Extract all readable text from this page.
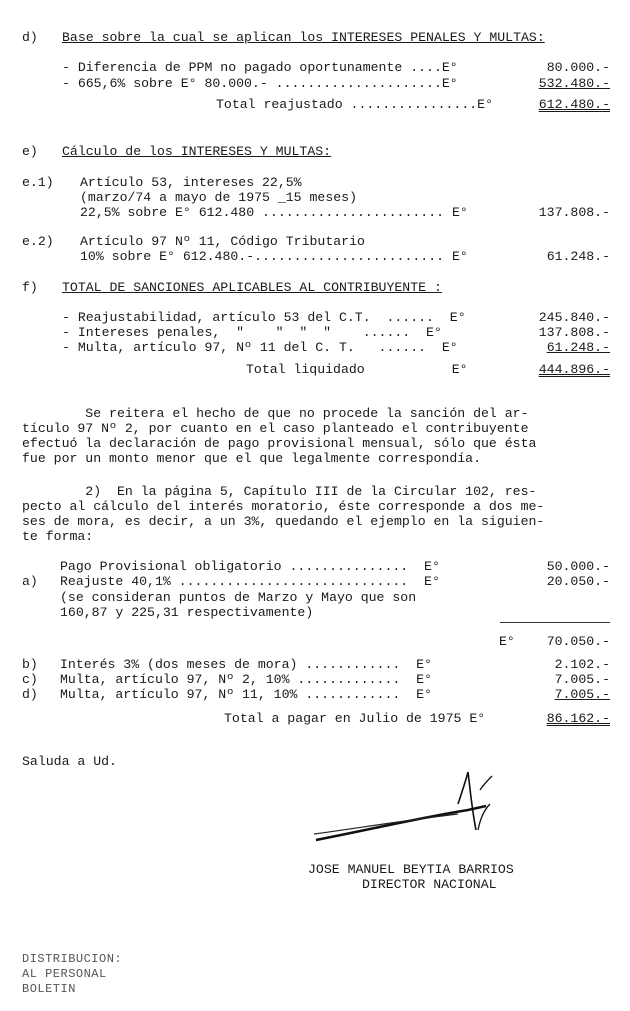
d) Base sobre la cual se aplican los INTERESES PENALES Y MULTAS:
- Diferencia de PPM no pagado oportunamente ....E°	80.000.-
- 665,6% sobre E° 80.000.- .....................E°	532.480.-
Total reajustado ................E°	612.480.-
e) Cálculo de los INTERESES Y MULTAS:
e.1) Artículo 53, intereses 22,5%
(marzo/74 a mayo de 1975 _15 meses)
22,5% sobre E° 612.480 ....................... E°	137.808.-
e.2) Artículo 97 Nº 11, Código Tributario
10% sobre E° 612.480.-........................ E°	61.248.-
f) TOTAL DE SANCIONES APLICABLES AL CONTRIBUYENTE :
- Reajustabilidad, artículo 53 del C.T.  ......  E°	245.840.-
- Intereses penales,  "    "  "  "    ......  E°	137.808.-
- Multa, artículo 97, Nº 11 del C. T.   ......  E°	61.248.-
Total liquidado           E°	444.896.-
Se reitera el hecho de que no procede la sanción del ar-
tículo 97 Nº 2, por cuanto en el caso planteado el contribuyente
efectuó la declaración de pago provisional mensual, sólo que ésta
fue por un monto menor que el que legalmente correspondía.
2)  En la página 5, Capítulo III de la Circular 102, res-
pecto al cálculo del interés moratorio, éste corresponde a dos me-
ses de mora, es decir, a un 3%, quedando el ejemplo en la siguien-
te forma:
Pago Provisional obligatorio ...............  E°	50.000.-
a) Reajuste 40,1% .............................  E°	20.050.-
(se consideran puntos de Marzo y Mayo que son
160,87 y 225,31 respectivamente)
E°	70.050.-
b) Interés 3% (dos meses de mora) ............  E°	2.102.-
c) Multa, artículo 97, Nº 2, 10% .............  E°	7.005.-
d) Multa, artículo 97, Nº 11, 10% ............  E°	7.005.-
Total a pagar en Julio de 1975 E°	86.162.-
Saluda a Ud.
JOSE MANUEL BEYTIA BARRIOS
DIRECTOR NACIONAL
DISTRIBUCION:
AL PERSONAL
BOLETIN
